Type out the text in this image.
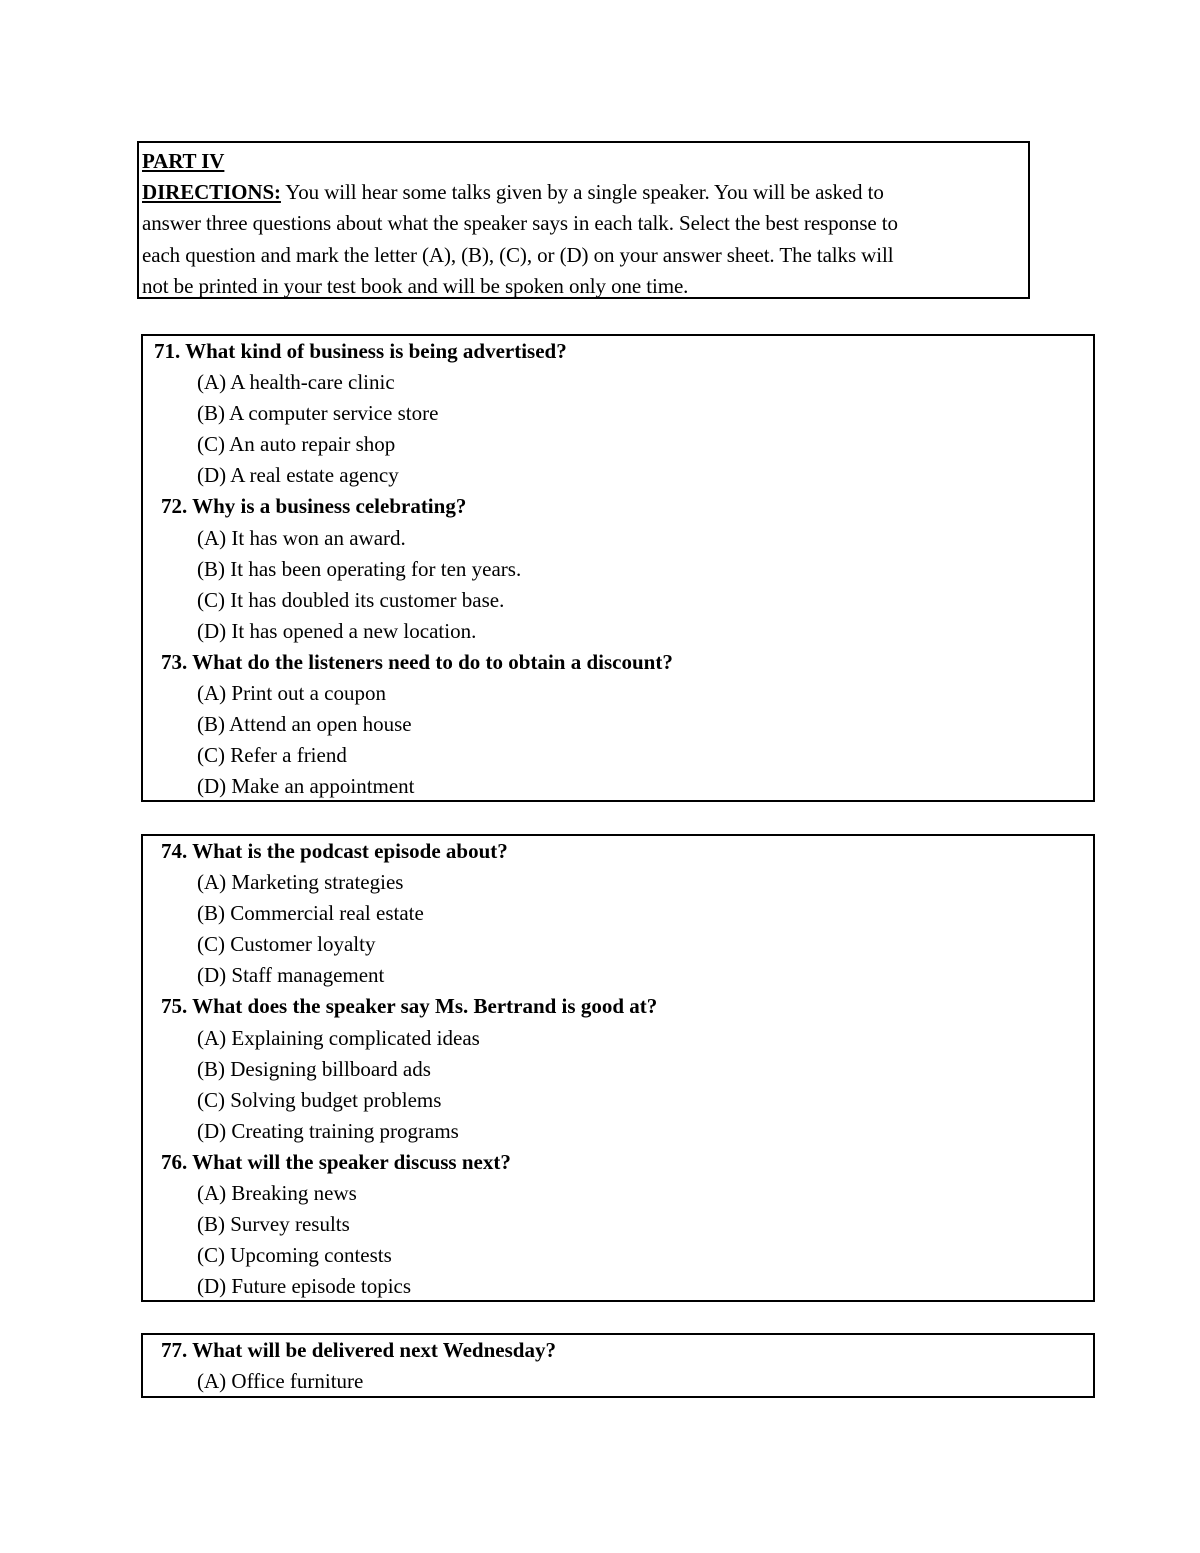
PART IV
DIRECTIONS: You will hear some talks given by a single speaker. You will be asked to
answer three questions about what the speaker says in each talk. Select the best response to
each question and mark the letter (A), (B), (C), or (D) on your answer sheet. The talks will
not be printed in your test book and will be spoken only one time.
71. What kind of business is being advertised?
(A) A health-care clinic
(B) A computer service store
(C) An auto repair shop
(D) A real estate agency
72. Why is a business celebrating?
(A) It has won an award.
(B) It has been operating for ten years.
(C) It has doubled its customer base.
(D) It has opened a new location.
73. What do the listeners need to do to obtain a discount?
(A) Print out a coupon
(B) Attend an open house
(C) Refer a friend
(D) Make an appointment
74. What is the podcast episode about?
(A) Marketing strategies
(B) Commercial real estate
(C) Customer loyalty
(D) Staff management
75. What does the speaker say Ms. Bertrand is good at?
(A) Explaining complicated ideas
(B) Designing billboard ads
(C) Solving budget problems
(D) Creating training programs
76. What will the speaker discuss next?
(A) Breaking news
(B) Survey results
(C) Upcoming contests
(D) Future episode topics
77. What will be delivered next Wednesday?
(A) Office furniture
